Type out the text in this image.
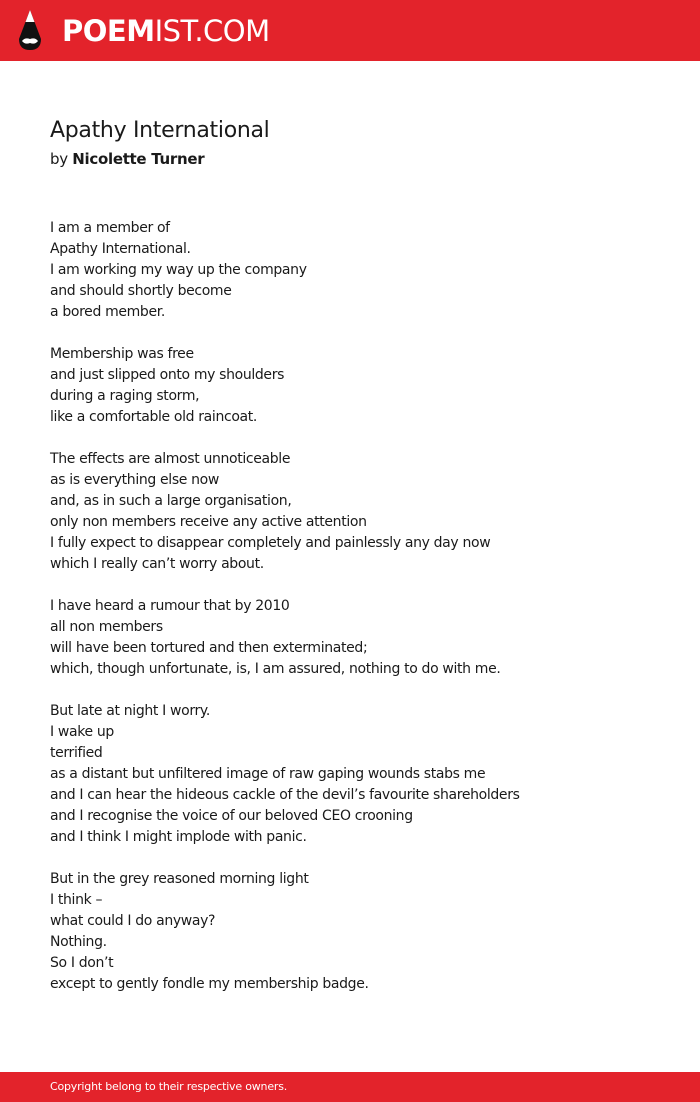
POEMIST.COM
Apathy International
by Nicolette Turner
I am a member of
Apathy International.
I am working my way up the company
and should shortly become
a bored member.
Membership was free
and just slipped onto my shoulders
during a raging storm,
like a comfortable old raincoat.
The effects are almost unnoticeable
as is everything else now
and, as in such a large organisation,
only non members receive any active attention
I fully expect to disappear completely and painlessly any day now
which I really can’t worry about.
I have heard a rumour that by 2010
all non members
will have been tortured and then exterminated;
which, though unfortunate, is, I am assured, nothing to do with me.
But late at night I worry.
I wake up
terrified
as a distant but unfiltered image of raw gaping wounds stabs me
and I can hear the hideous cackle of the devil’s favourite shareholders
and I recognise the voice of our beloved CEO crooning
and I think I might implode with panic.
But in the grey reasoned morning light
I think –
what could I do anyway?
Nothing.
So I don’t
except to gently fondle my membership badge.
Copyright belong to their respective owners.
